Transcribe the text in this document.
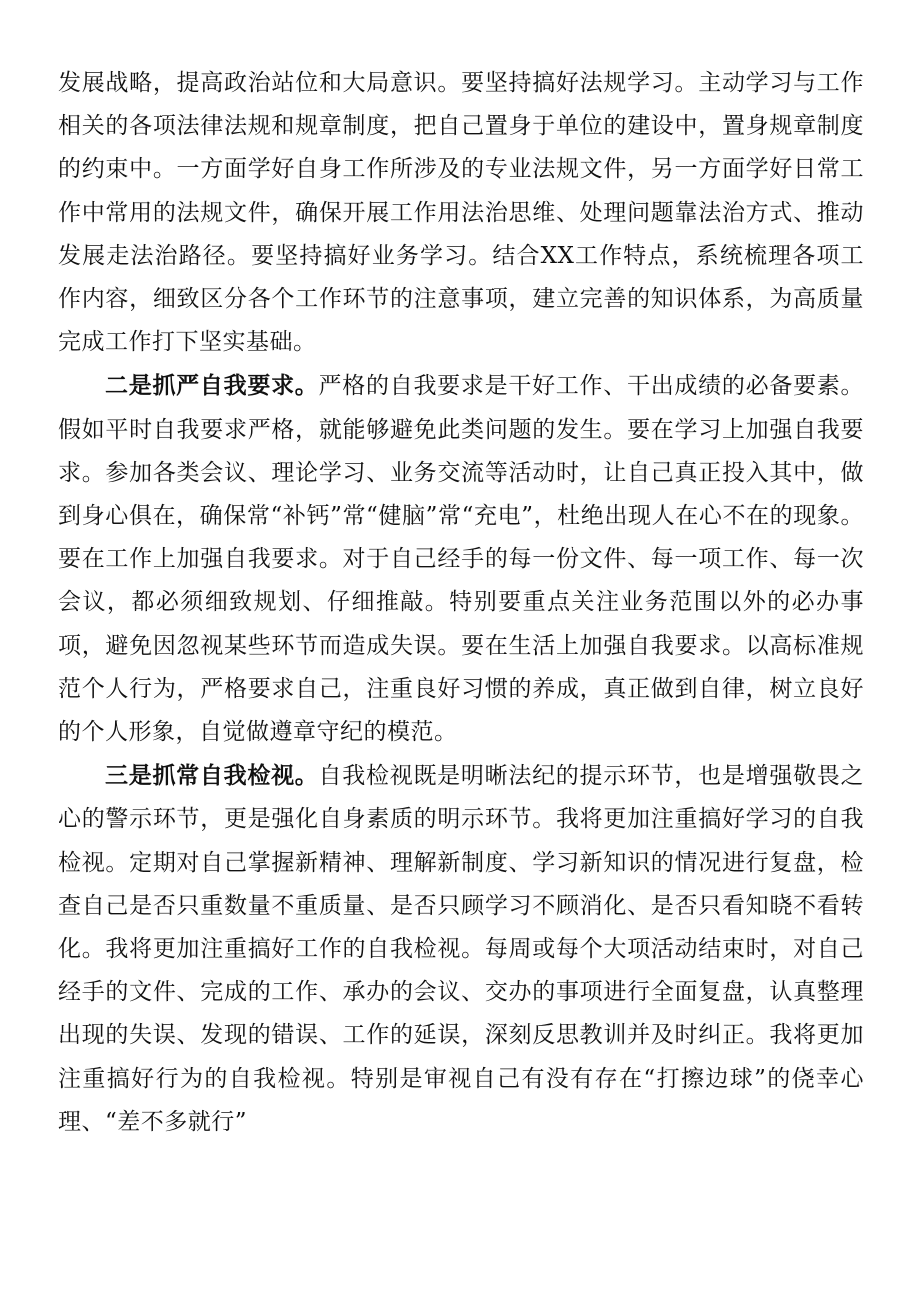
发展战略，提高政治站位和大局意识。要坚持搞好法规学习。主动学习与工作相关的各项法律法规和规章制度，把自己置身于单位的建设中，置身规章制度的约束中。一方面学好自身工作所涉及的专业法规文件，另一方面学好日常工作中常用的法规文件，确保开展工作用法治思维、处理问题靠法治方式、推动发展走法治路径。要坚持搞好业务学习。结合XX工作特点，系统梳理各项工作内容，细致区分各个工作环节的注意事项，建立完善的知识体系，为高质量完成工作打下坚实基础。

二是抓严自我要求。严格的自我要求是干好工作、干出成绩的必备要素。假如平时自我要求严格，就能够避免此类问题的发生。要在学习上加强自我要求。参加各类会议、理论学习、业务交流等活动时，让自己真正投入其中，做到身心俱在，确保常“补钙”常“健脑”常“充电”，杜绝出现人在心不在的现象。要在工作上加强自我要求。对于自己经手的每一份文件、每一项工作、每一次会议，都必须细致规划、仔细推敲。特别要重点关注业务范围以外的必办事项，避免因忽视某些环节而造成失误。要在生活上加强自我要求。以高标准规范个人行为，严格要求自己，注重良好习惯的养成，真正做到自律，树立良好的个人形象，自觉做遵章守纪的模范。

三是抓常自我检视。自我检视既是明晰法纪的提示环节，也是增强敬畏之心的警示环节，更是强化自身素质的明示环节。我将更加注重搞好学习的自我检视。定期对自己掌握新精神、理解新制度、学习新知识的情况进行复盘，检查自己是否只重数量不重质量、是否只顾学习不顾消化、是否只看知晓不看转化。我将更加注重搞好工作的自我检视。每周或每个大项活动结束时，对自己经手的文件、完成的工作、承办的会议、交办的事项进行全面复盘，认真整理出现的失误、发现的错误、工作的延误，深刻反思教训并及时纠正。我将更加注重搞好行为的自我检视。特别是审视自己有没有存在“打擦边球”的侥幸心理、“差不多就行”
